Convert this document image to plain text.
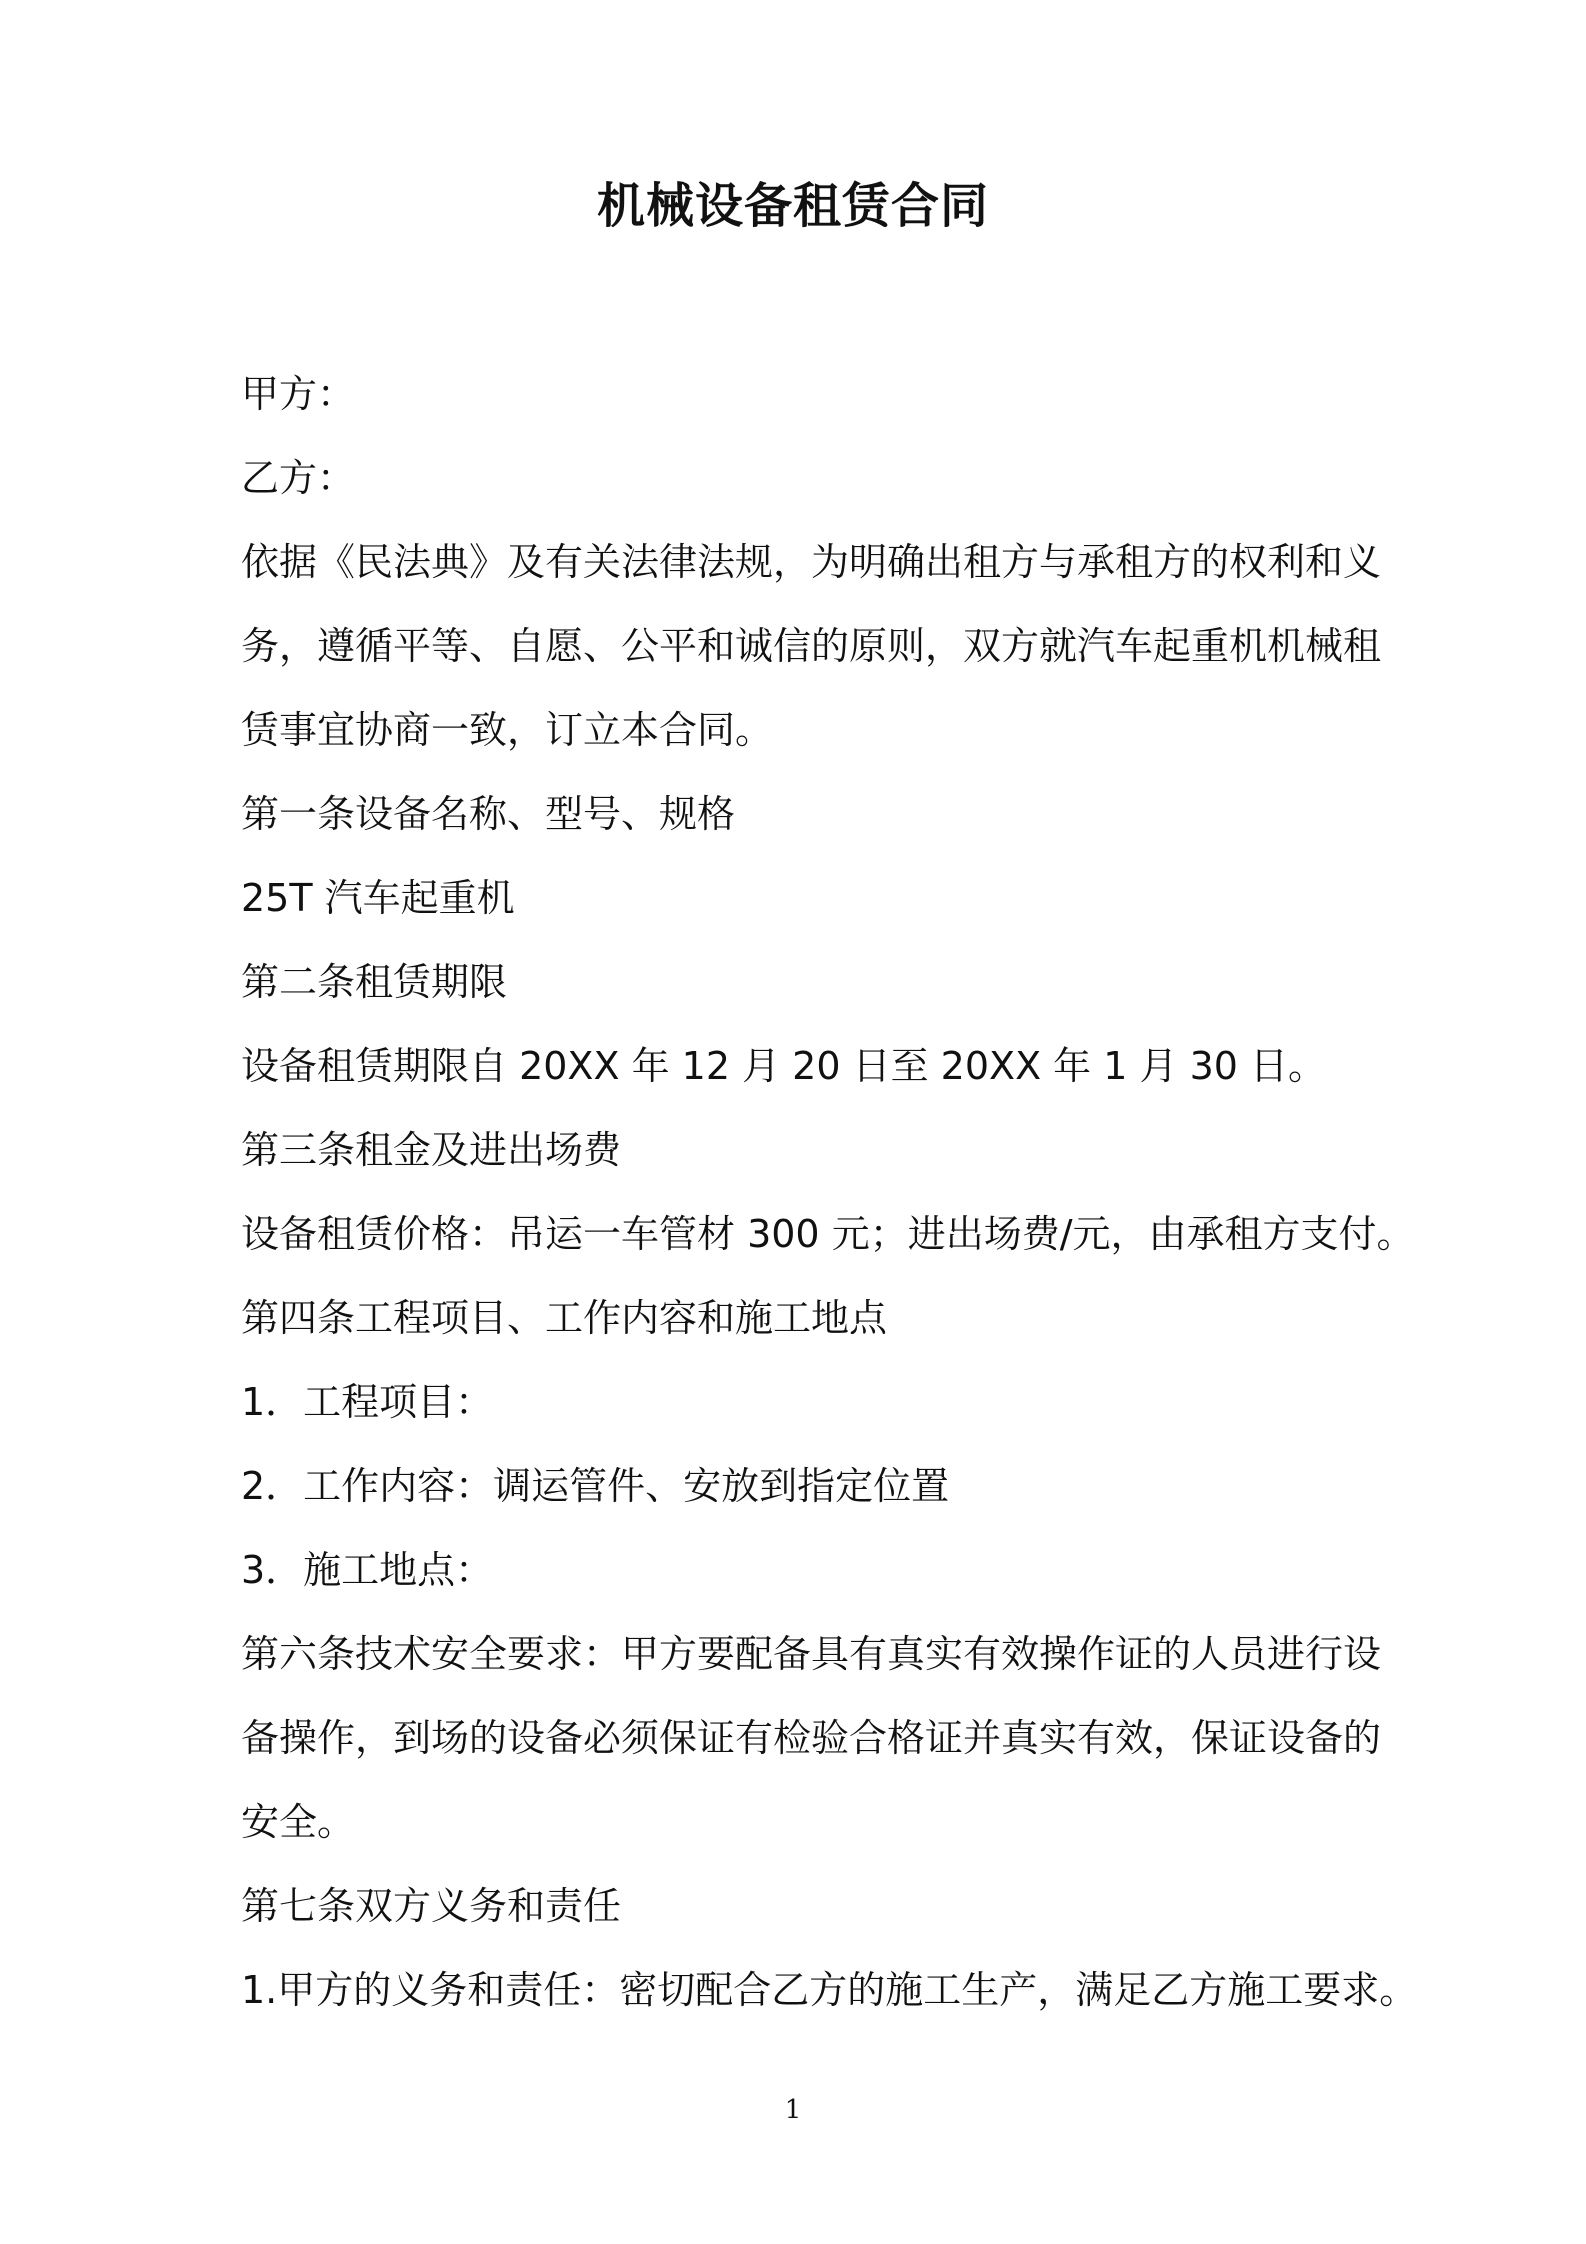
机械设备租赁合同

甲方：

乙方：

依据《民法典》及有关法律法规，为明确出租方与承租方的权利和义

务，遵循平等、自愿、公平和诚信的原则，双方就汽车起重机机械租

赁事宜协商一致，订立本合同。

第一条设备名称、型号、规格

25T 汽车起重机

第二条租赁期限

设备租赁期限自 20XX 年 12 月 20 日至 20XX 年 1 月 30 日。

第三条租金及进出场费

设备租赁价格：吊运一车管材 300 元；进出场费/元，由承租方支付。

第四条工程项目、工作内容和施工地点

1．工程项目：

2．工作内容：调运管件、安放到指定位置

3．施工地点：

第六条技术安全要求：甲方要配备具有真实有效操作证的人员进行设

备操作，到场的设备必须保证有检验合格证并真实有效，保证设备的

安全。

第七条双方义务和责任

1.甲方的义务和责任：密切配合乙方的施工生产，满足乙方施工要求。

1
